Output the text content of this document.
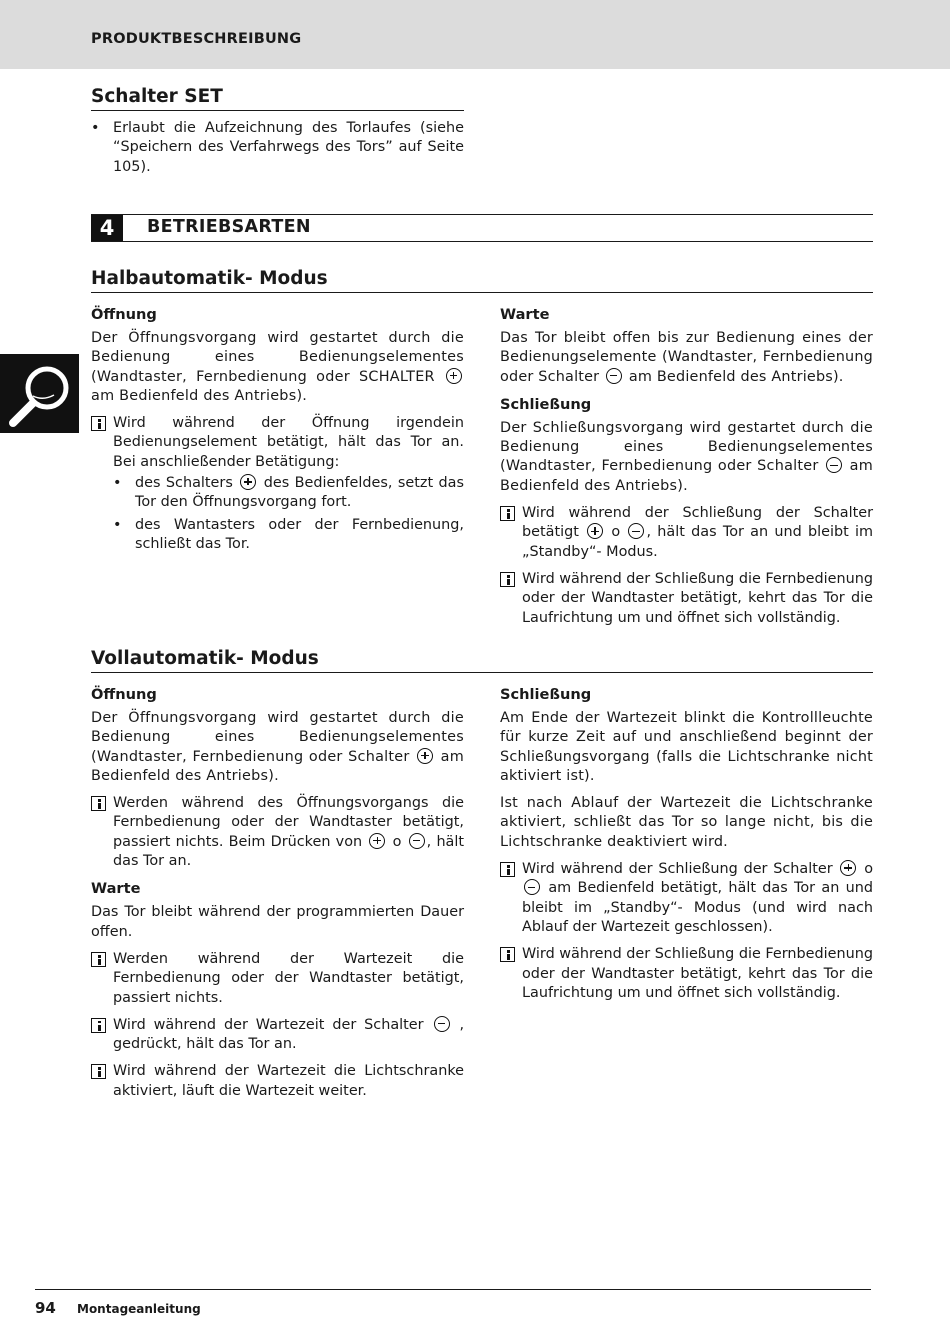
PRODUKTBESCHREIBUNG
Schalter SET
• Erlaubt die Aufzeichnung des Torlaufes (siehe “Speichern des Verfahrwegs des Tors” auf Seite 105).
4	BETRIEBSARTEN
Halbautomatik- Modus
Öffnung

Der Öffnungsvorgang wird gestartet durch die Bedienung eines Bedienungselementes (Wandtaster, Fernbedienung oder SCHALTER  am Bedienfeld des Antriebs).

Wird während der Öffnung irgendein Bedienungselement betätigt, hält das Tor an. Bei anschließender Betätigung:
• des Schalters des Bedienfeldes, setzt das Tor den Öffnungsvorgang fort.
• des Wantasters oder der Fernbedienung, schließt das Tor.
Warte

Das Tor bleibt offen bis zur Bedienung eines der Bedienungselemente (Wandtaster, Fernbedienung oder Schalter am Bedienfeld des Antriebs).

Schließung

Der Schließungsvorgang wird gestartet durch die Bedienung eines Bedienungselementes (Wandtaster, Fernbedienung oder Schalter am Bedienfeld des Antriebs).

Wird während der Schließung der Schalter betätigt o , hält das Tor an und bleibt im „Standby“- Modus.
Wird während der Schließung die Fernbedienung oder der Wandtaster betätigt, kehrt das Tor die Laufrichtung um und öffnet sich vollständig.
Vollautomatik- Modus
Öffnung

Der Öffnungsvorgang wird gestartet durch die Bedienung eines Bedienungselementes (Wandtaster, Fernbedienung oder Schalter am Bedienfeld des Antriebs).

Werden während des Öffnungsvorgangs die Fernbedienung oder der Wandtaster betätigt, passiert nichts. Beim Drücken von o , hält das Tor an.
Warte

Das Tor bleibt während der programmierten Dauer offen.

Werden während der Wartezeit die Fernbedienung oder der Wandtaster betätigt, passiert nichts.
Wird während der Wartezeit der Schalter , gedrückt, hält das Tor an.
Wird während der Wartezeit die Lichtschranke aktiviert, läuft die Wartezeit weiter.
Schließung

Am Ende der Wartezeit blinkt die Kontrollleuchte für kurze Zeit auf und anschließend beginnt der Schließungsvorgang (falls die Lichtschranke nicht aktiviert ist).

Ist nach Ablauf der Wartezeit die Lichtschranke aktiviert, schließt das Tor so lange nicht, bis die Lichtschranke deaktiviert wird.

Wird während der Schließung der Schalter o  am Bedienfeld betätigt, hält das Tor an und bleibt im „Standby“- Modus (und wird nach Ablauf der Wartezeit geschlossen).
Wird während der Schließung die Fernbedienung oder der Wandtaster betätigt, kehrt das Tor die Laufrichtung um und öffnet sich vollständig.
94 Montageanleitung
